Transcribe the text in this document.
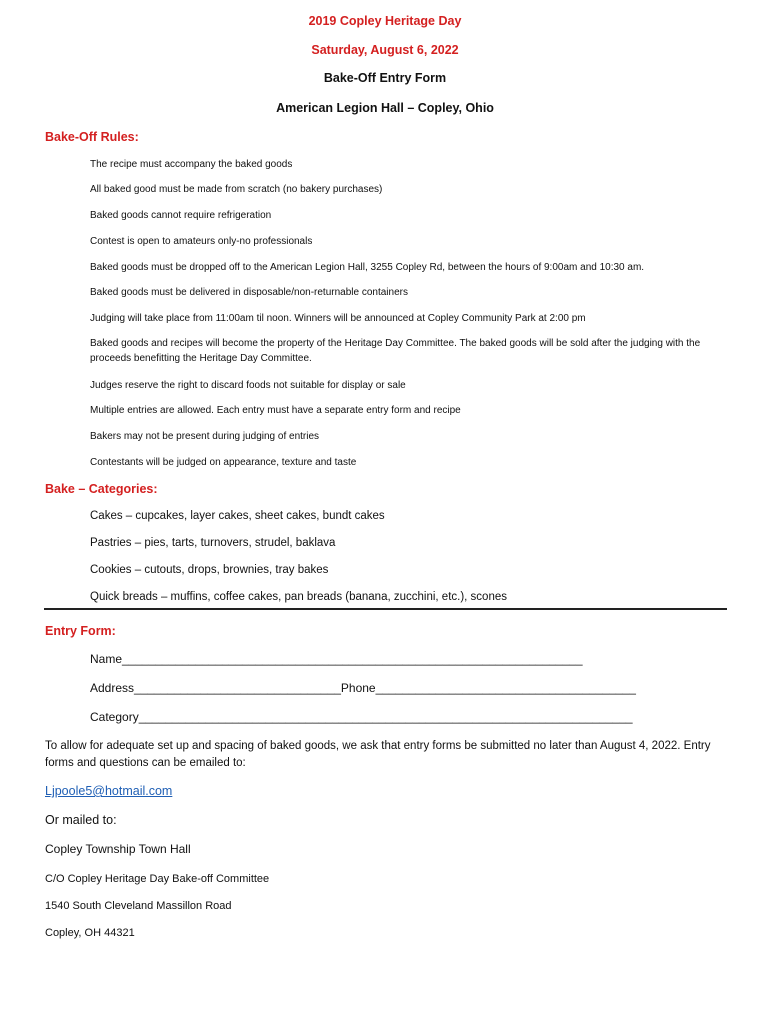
2019 Copley Heritage Day
Saturday, August 6, 2022
Bake-Off Entry Form
American Legion Hall – Copley, Ohio
Bake-Off Rules:
The recipe must accompany the baked goods
All baked good must be made from scratch (no bakery purchases)
Baked goods cannot require refrigeration
Contest is open to amateurs only-no professionals
Baked goods must be dropped off to the American Legion Hall, 3255 Copley Rd, between the hours of 9:00am and 10:30 am.
Baked goods must be delivered in disposable/non-returnable containers
Judging will take place from 11:00am til noon. Winners will be announced at Copley Community Park at 2:00 pm
Baked goods and recipes will become the property of the Heritage Day Committee. The baked goods will be sold after the judging with the proceeds benefitting the Heritage Day Committee.
Judges reserve the right to discard foods not suitable for display or sale
Multiple entries are allowed. Each entry must have a separate entry form and recipe
Bakers may not be present during judging of entries
Contestants will be judged on appearance, texture and taste
Bake – Categories:
Cakes – cupcakes, layer cakes, sheet cakes, bundt cakes
Pastries – pies, tarts, turnovers, strudel, baklava
Cookies – cutouts, drops, brownies, tray bakes
Quick breads – muffins, coffee cakes, pan breads (banana, zucchini, etc.), scones
Entry Form:
Name_____________________________________________________________________
Address_______________________________Phone_______________________________________
Category__________________________________________________________________________
To allow for adequate set up and spacing of baked goods, we ask that entry forms be submitted no later than August 4, 2022. Entry forms and questions can be emailed to:
Ljpoole5@hotmail.com
Or mailed to:
Copley Township Town Hall
C/O Copley Heritage Day Bake-off Committee
1540 South Cleveland Massillon Road
Copley, OH 44321
